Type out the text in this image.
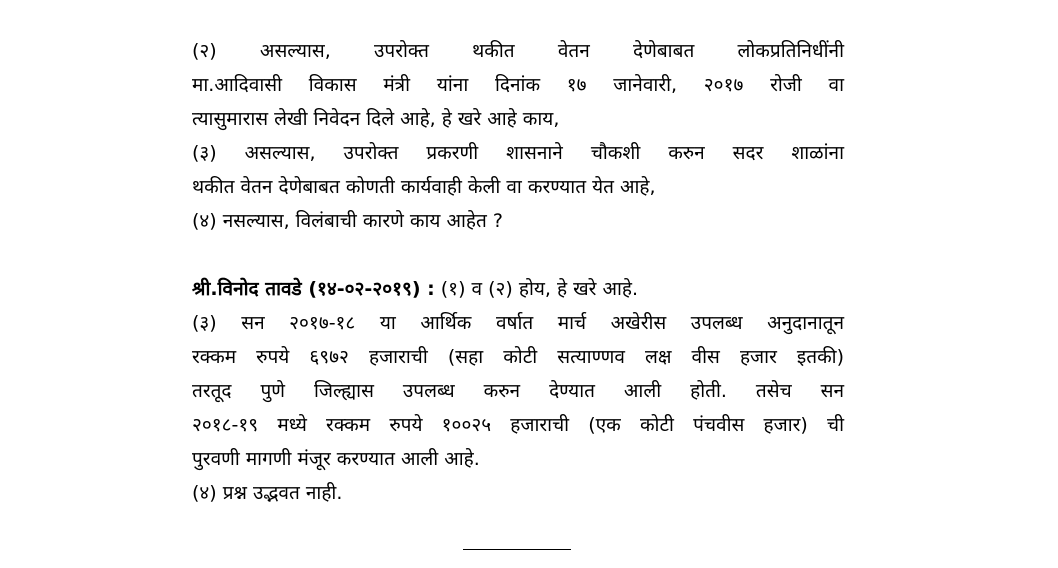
(२) असल्यास, उपरोक्त थकीत वेतन देणेबाबत लोकप्रतिनिधींनी
मा.आदिवासी विकास मंत्री यांना दिनांक १७ जानेवारी, २०१७ रोजी वा
त्यासुमारास लेखी निवेदन दिले आहे, हे खरे आहे काय,
(३) असल्यास, उपरोक्त प्रकरणी शासनाने चौकशी करुन सदर शाळांना
थकीत वेतन देणेबाबत कोणती कार्यवाही केली वा करण्यात येत आहे,
(४) नसल्यास, विलंबाची कारणे काय आहेत ?
श्री.विनोद तावडे (१४-०२-२०१९) : (१) व (२) होय, हे खरे आहे.
(३) सन २०१७-१८ या आर्थिक वर्षात मार्च अखेरीस उपलब्ध अनुदानातून
रक्कम रुपये ६९७२ हजाराची (सहा कोटी सत्याण्णव लक्ष वीस हजार इतकी)
तरतूद पुणे जिल्ह्यास उपलब्ध करुन देण्यात आली होती. तसेच सन
२०१८-१९ मध्ये रक्कम रुपये १००२५ हजाराची (एक कोटी पंचवीस हजार) ची
पुरवणी मागणी मंजूर करण्यात आली आहे.
(४) प्रश्न उद्भवत नाही.
